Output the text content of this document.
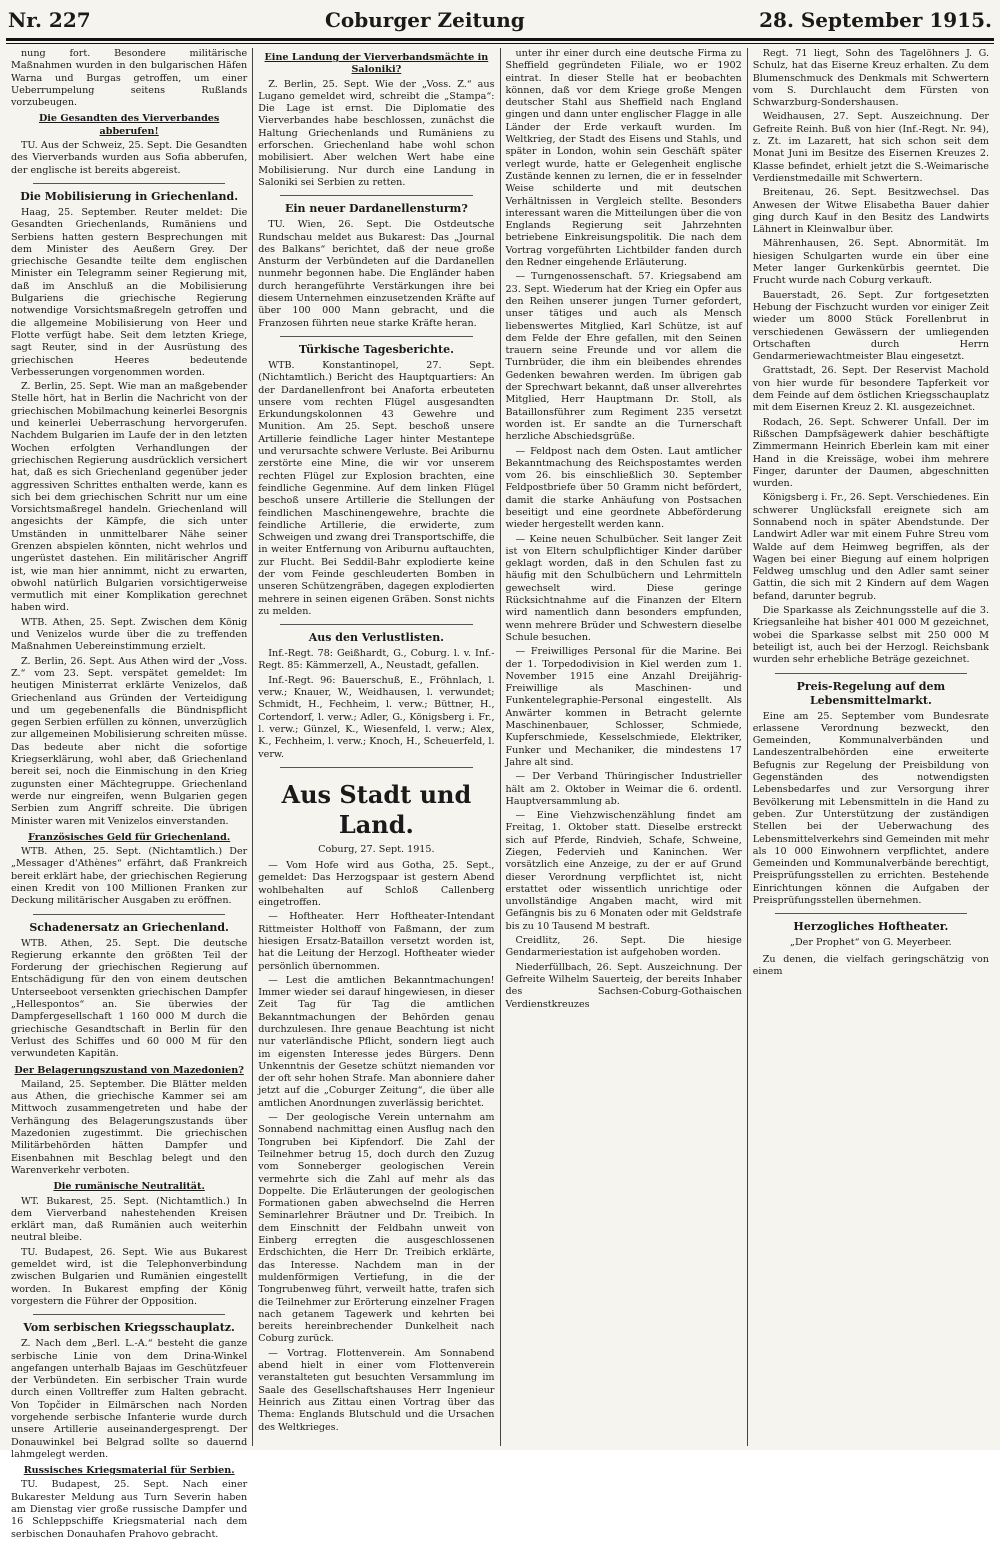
Nr. 227	Coburger Zeitung	28. September 1915.

nung fort. Besondere militärische Maßnahmen wurden in den bulgarischen Häfen Warna und Burgas getroffen, um einer Ueberrumpelung seitens Rußlands vorzubeugen.

Die Gesandten des Vierverbandes abberufen!

TU. Aus der Schweiz, 25. Sept. Die Gesandten des Vierverbands wurden aus Sofia abberufen, der englische ist bereits abgereist.

Die Mobilisierung in Griechenland.

Haag, 25. September. Reuter meldet: Die Gesandten Griechenlands, Rumäniens und Serbiens hatten gestern Besprechungen mit dem Minister des Aeußern Grey. Der griechische Gesandte teilte dem englischen Minister ein Telegramm seiner Regierung mit, daß im Anschluß an die Mobilisierung Bulgariens die griechische Regierung notwendige Vorsichtsmaßregeln getroffen und die allgemeine Mobilisierung von Heer und Flotte verfügt habe. Seit dem letzten Kriege, sagt Reuter, sind in der Ausrüstung des griechischen Heeres bedeutende Verbesserungen vorgenommen worden.

Z. Berlin, 25. Sept. Wie man an maßgebender Stelle hört, hat in Berlin die Nachricht von der griechischen Mobilmachung keinerlei Besorgnis und keinerlei Ueberraschung hervorgerufen. Nachdem Bulgarien im Laufe der in den letzten Wochen erfolgten Verhandlungen der griechischen Regierung ausdrücklich versichert hat, daß es sich Griechenland gegenüber jeder aggressiven Schrittes enthalten werde, kann es sich bei dem griechischen Schritt nur um eine Vorsichtsmaßregel handeln. Griechenland will angesichts der Kämpfe, die sich unter Umständen in unmittelbarer Nähe seiner Grenzen abspielen könnten, nicht wehrlos und ungerüstet dastehen. Ein militärischer Angriff ist, wie man hier annimmt, nicht zu erwarten, obwohl natürlich Bulgarien vorsichtigerweise vermutlich mit einer Komplikation gerechnet haben wird.

WTB. Athen, 25. Sept. Zwischen dem König und Venizelos wurde über die zu treffenden Maßnahmen Uebereinstimmung erzielt.

Z. Berlin, 26. Sept. Aus Athen wird der „Voss. Z.“ vom 23. Sept. verspätet gemeldet: Im heutigen Ministerrat erklärte Venizelos, daß Griechenland aus Gründen der Verteidigung und um gegebenenfalls die Bündnispflicht gegen Serbien erfüllen zu können, unverzüglich zur allgemeinen Mobilisierung schreiten müsse. Das bedeute aber nicht die sofortige Kriegserklärung, wohl aber, daß Griechenland bereit sei, noch die Einmischung in den Krieg zugunsten einer Mächtegruppe. Griechenland werde nur eingreifen, wenn Bulgarien gegen Serbien zum Angriff schreite. Die übrigen Minister waren mit Venizelos einverstanden.

Französisches Geld für Griechenland.

WTB. Athen, 25. Sept. (Nichtamtlich.) Der „Messager d'Athènes“ erfährt, daß Frankreich bereit erklärt habe, der griechischen Regierung einen Kredit von 100 Millionen Franken zur Deckung militärischer Ausgaben zu eröffnen.

Schadenersatz an Griechenland.

WTB. Athen, 25. Sept. Die deutsche Regierung erkannte den größten Teil der Forderung der griechischen Regierung auf Entschädigung für den von einem deutschen Unterseeboot versenkten griechischen Dampfer „Hellespontos“ an. Sie überwies der Dampfergesellschaft 1 160 000 M durch die griechische Gesandtschaft in Berlin für den Verlust des Schiffes und 60 000 M für den verwundeten Kapitän.

Der Belagerungszustand von Mazedonien?

Mailand, 25. September. Die Blätter melden aus Athen, die griechische Kammer sei am Mittwoch zusammengetreten und habe der Verhängung des Belagerungszustands über Mazedonien zugestimmt. Die griechischen Militärbehörden hätten Dampfer und Eisenbahnen mit Beschlag belegt und den Warenverkehr verboten.

Die rumänische Neutralität.

WT. Bukarest, 25. Sept. (Nichtamtlich.) In dem Vierverband nahestehenden Kreisen erklärt man, daß Rumänien auch weiterhin neutral bleibe.

TU. Budapest, 26. Sept. Wie aus Bukarest gemeldet wird, ist die Telephonverbindung zwischen Bulgarien und Rumänien eingestellt worden. In Bukarest empfing der König vorgestern die Führer der Opposition.

Vom serbischen Kriegsschauplatz.

Z. Nach dem „Berl. L.-A.“ besteht die ganze serbische Linie von dem Drina-Winkel angefangen unterhalb Bajaas im Geschützfeuer der Verbündeten. Ein serbischer Train wurde durch einen Volltreffer zum Halten gebracht. Von Topčider in Eilmärschen nach Norden vorgehende serbische Infanterie wurde durch unsere Artillerie auseinandergesprengt. Der Donauwinkel bei Belgrad sollte so dauernd lahmgelegt werden.

Russisches Kriegsmaterial für Serbien.

TU. Budapest, 25. Sept. Nach einer Bukarester Meldung aus Turn Severin haben am Dienstag vier große russische Dampfer und 16 Schleppschiffe Kriegsmaterial nach dem serbischen Donauhafen Prahovo gebracht.

Eine Landung der Vierverbandsmächte in Saloniki?

Z. Berlin, 25. Sept. Wie der „Voss. Z.“ aus Lugano gemeldet wird, schreibt die „Stampa“: Die Lage ist ernst. Die Diplomatie des Vierverbandes habe beschlossen, zunächst die Haltung Griechenlands und Rumäniens zu erforschen. Griechenland habe wohl schon mobilisiert. Aber welchen Wert habe eine Mobilisierung. Nur durch eine Landung in Saloniki sei Serbien zu retten.

Ein neuer Dardanellensturm?

TU. Wien, 26. Sept. Die Ostdeutsche Rundschau meldet aus Bukarest: Das „Journal des Balkans“ berichtet, daß der neue große Ansturm der Verbündeten auf die Dardanellen nunmehr begonnen habe. Die Engländer haben durch herangeführte Verstärkungen ihre bei diesem Unternehmen einzusetzenden Kräfte auf über 100 000 Mann gebracht, und die Franzosen führten neue starke Kräfte heran.

Türkische Tagesberichte.

WTB. Konstantinopel, 27. Sept. (Nichtamtlich.) Bericht des Hauptquartiers: An der Dardanellenfront bei Anaforta erbeuteten unsere vom rechten Flügel ausgesandten Erkundungskolonnen 43 Gewehre und Munition. Am 25. Sept. beschoß unsere Artillerie feindliche Lager hinter Mestantepe und verursachte schwere Verluste. Bei Ariburnu zerstörte eine Mine, die wir vor unserem rechten Flügel zur Explosion brachten, eine feindliche Gegenmine. Auf dem linken Flügel beschoß unsere Artillerie die Stellungen der feindlichen Maschinengewehre, brachte die feindliche Artillerie, die erwiderte, zum Schweigen und zwang drei Transportschiffe, die in weiter Entfernung von Ariburnu auftauchten, zur Flucht. Bei Seddil-Bahr explodierte keine der vom Feinde geschleuderten Bomben in unseren Schützengräben, dagegen explodierten mehrere in seinen eigenen Gräben. Sonst nichts zu melden.

Aus den Verlustlisten.

Inf.-Regt. 78: Geißhardt, G., Coburg. l. v. Inf.-Regt. 85: Kämmerzell, A., Neustadt, gefallen.

Inf.-Regt. 96: Bauerschuß, E., Fröhnlach, l. verw.; Knauer, W., Weidhausen, l. verwundet; Schmidt, H., Fechheim, l. verw.; Büttner, H., Cortendorf, l. verw.; Adler, G., Königsberg i. Fr., l. verw.; Günzel, K., Wiesenfeld, l. verw.; Alex, K., Fechheim, l. verw.; Knoch, H., Scheuerfeld, l. verw.

Aus Stadt und Land.
Coburg, 27. Sept. 1915.

— Vom Hofe wird aus Gotha, 25. Sept., gemeldet: Das Herzogspaar ist gestern Abend wohlbehalten auf Schloß Callenberg eingetroffen.

— Hoftheater. Herr Hoftheater-Intendant Rittmeister Holthoff von Faßmann, der zum hiesigen Ersatz-Bataillon versetzt worden ist, hat die Leitung der Herzogl. Hoftheater wieder persönlich übernommen.

— Lest die amtlichen Bekanntmachungen! Immer wieder sei darauf hingewiesen, in dieser Zeit Tag für Tag die amtlichen Bekanntmachungen der Behörden genau durchzulesen. Ihre genaue Beachtung ist nicht nur vaterländische Pflicht, sondern liegt auch im eigensten Interesse jedes Bürgers. Denn Unkenntnis der Gesetze schützt niemanden vor der oft sehr hohen Strafe. Man abonniere daher jetzt auf die „Coburger Zeitung“, die über alle amtlichen Anordnungen zuverlässig berichtet.

— Der geologische Verein unternahm am Sonnabend nachmittag einen Ausflug nach den Tongruben bei Kipfendorf. Die Zahl der Teilnehmer betrug 15, doch durch den Zuzug vom Sonneberger geologischen Verein vermehrte sich die Zahl auf mehr als das Doppelte. Die Erläuterungen der geologischen Formationen gaben abwechselnd die Herren Seminarlehrer Bräutner und Dr. Treibich. In dem Einschnitt der Feldbahn unweit von Einberg erregten die ausgeschlossenen Erdschichten, die Herr Dr. Treibich erklärte, das Interesse. Nachdem man in der muldenförmigen Vertiefung, in die der Tongrubenweg führt, verweilt hatte, trafen sich die Teilnehmer zur Erörterung einzelner Fragen nach getanem Tagewerk und kehrten bei bereits hereinbrechender Dunkelheit nach Coburg zurück.

— Vortrag. Flottenverein. Am Sonnabend abend hielt in einer vom Flottenverein veranstalteten gut besuchten Versammlung im Saale des Gesellschaftshauses Herr Ingenieur Heinrich aus Zittau einen Vortrag über das Thema: Englands Blutschuld und die Ursachen des Weltkrieges.

unter ihr einer durch eine deutsche Firma zu Sheffield gegründeten Filiale, wo er 1902 eintrat. In dieser Stelle hat er beobachten können, daß vor dem Kriege große Mengen deutscher Stahl aus Sheffield nach England gingen und dann unter englischer Flagge in alle Länder der Erde verkauft wurden. Im Weltkrieg, der Stadt des Eisens und Stahls, und später in London, wohin sein Geschäft später verlegt wurde, hatte er Gelegenheit englische Zustände kennen zu lernen, die er in fesselnder Weise schilderte und mit deutschen Verhältnissen in Vergleich stellte. Besonders interessant waren die Mitteilungen über die von Englands Regierung seit Jahrzehnten betriebene Einkreisungspolitik. Die nach dem Vortrag vorgeführten Lichtbilder fanden durch den Redner eingehende Erläuterung.

— Turngenossenschaft. 57. Kriegsabend am 23. Sept. Wiederum hat der Krieg ein Opfer aus den Reihen unserer jungen Turner gefordert, unser tätiges und auch als Mensch liebenswertes Mitglied, Karl Schütze, ist auf dem Felde der Ehre gefallen, mit den Seinen trauern seine Freunde und vor allem die Turnbrüder, die ihm ein bleibendes ehrendes Gedenken bewahren werden. Im übrigen gab der Sprechwart bekannt, daß unser allverehrtes Mitglied, Herr Hauptmann Dr. Stoll, als Bataillonsführer zum Regiment 235 versetzt worden ist. Er sandte an die Turnerschaft herzliche Abschiedsgrüße.

— Feldpost nach dem Osten. Laut amtlicher Bekanntmachung des Reichspostamtes werden vom 26. bis einschließlich 30. September Feldpostbriefe über 50 Gramm nicht befördert, damit die starke Anhäufung von Postsachen beseitigt und eine geordnete Abbeförderung wieder hergestellt werden kann.

— Keine neuen Schulbücher. Seit langer Zeit ist von Eltern schulpflichtiger Kinder darüber geklagt worden, daß in den Schulen fast zu häufig mit den Schulbüchern und Lehrmitteln gewechselt wird. Diese geringe Rücksichtnahme auf die Finanzen der Eltern wird namentlich dann besonders empfunden, wenn mehrere Brüder und Schwestern dieselbe Schule besuchen.

— Freiwilliges Personal für die Marine. Bei der 1. Torpedodivision in Kiel werden zum 1. November 1915 eine Anzahl Dreijährig-Freiwillige als Maschinen- und Funkentelegraphie-Personal eingestellt. Als Anwärter kommen in Betracht gelernte Maschinenbauer, Schlosser, Schmiede, Kupferschmiede, Kesselschmiede, Elektriker, Funker und Mechaniker, die mindestens 17 Jahre alt sind.

— Der Verband Thüringischer Industrieller hält am 2. Oktober in Weimar die 6. ordentl. Hauptversammlung ab.

— Eine Viehzwischenzählung findet am Freitag, 1. Oktober statt. Dieselbe erstreckt sich auf Pferde, Rindvieh, Schafe, Schweine, Ziegen, Federvieh und Kaninchen. Wer vorsätzlich eine Anzeige, zu der er auf Grund dieser Verordnung verpflichtet ist, nicht erstattet oder wissentlich unrichtige oder unvollständige Angaben macht, wird mit Gefängnis bis zu 6 Monaten oder mit Geldstrafe bis zu 10 Tausend M bestraft.

Creidlitz, 26. Sept. Die hiesige Gendarmeriestation ist aufgehoben worden.

Niederfüllbach, 26. Sept. Auszeichnung. Der Gefreite Wilhelm Sauerteig, der bereits Inhaber des Sachsen-Coburg-Gothaischen Verdienstkreuzes

Regt. 71 liegt, Sohn des Tagelöhners J. G. Schulz, hat das Eiserne Kreuz erhalten. Zu dem Blumenschmuck des Denkmals mit Schwertern vom S. Durchlaucht dem Fürsten von Schwarzburg-Sondershausen.

Weidhausen, 27. Sept. Auszeichnung. Der Gefreite Reinh. Buß von hier (Inf.-Regt. Nr. 94), z. Zt. im Lazarett, hat sich schon seit dem Monat Juni im Besitze des Eisernen Kreuzes 2. Klasse befindet, erhielt jetzt die S.-Weimarische Verdienstmedaille mit Schwertern.

Breitenau, 26. Sept. Besitzwechsel. Das Anwesen der Witwe Elisabetha Bauer dahier ging durch Kauf in den Besitz des Landwirts Lähnert in Kleinwalbur über.

Mährenhausen, 26. Sept. Abnormität. Im hiesigen Schulgarten wurde ein über eine Meter langer Gurkenkürbis geerntet. Die Frucht wurde nach Coburg verkauft.

Bauerstadt, 26. Sept. Zur fortgesetzten Hebung der Fischzucht wurden vor einiger Zeit wieder um 8000 Stück Forellenbrut in verschiedenen Gewässern der umliegenden Ortschaften durch Herrn Gendarmeriewachtmeister Blau eingesetzt.

Grattstadt, 26. Sept. Der Reservist Machold von hier wurde für besondere Tapferkeit vor dem Feinde auf dem östlichen Kriegsschauplatz mit dem Eisernen Kreuz 2. Kl. ausgezeichnet.

Rodach, 26. Sept. Schwerer Unfall. Der im Rißschen Dampfsägewerk dahier beschäftigte Zimmermann Heinrich Eberlein kam mit einer Hand in die Kreissäge, wobei ihm mehrere Finger, darunter der Daumen, abgeschnitten wurden.

Königsberg i. Fr., 26. Sept. Verschiedenes. Ein schwerer Unglücksfall ereignete sich am Sonnabend noch in später Abendstunde. Der Landwirt Adler war mit einem Fuhre Streu vom Walde auf dem Heimweg begriffen, als der Wagen bei einer Biegung auf einem holprigen Feldweg umschlug und den Adler samt seiner Gattin, die sich mit 2 Kindern auf dem Wagen befand, darunter begrub.

Die Sparkasse als Zeichnungsstelle auf die 3. Kriegsanleihe hat bisher 401 000 M gezeichnet, wobei die Sparkasse selbst mit 250 000 M beteiligt ist, auch bei der Herzogl. Reichsbank wurden sehr erhebliche Beträge gezeichnet.

Preis-Regelung auf dem Lebensmittelmarkt.

Eine am 25. September vom Bundesrate erlassene Verordnung bezweckt, den Gemeinden, Kommunalverbänden und Landeszentralbehörden eine erweiterte Befugnis zur Regelung der Preisbildung von Gegenständen des notwendigsten Lebensbedarfes und zur Versorgung ihrer Bevölkerung mit Lebensmitteln in die Hand zu geben. Zur Unterstützung der zuständigen Stellen bei der Ueberwachung des Lebensmittelverkehrs sind Gemeinden mit mehr als 10 000 Einwohnern verpflichtet, andere Gemeinden und Kommunalverbände berechtigt, Preisprüfungsstellen zu errichten. Bestehende Einrichtungen können die Aufgaben der Preisprüfungsstellen übernehmen.

Herzogliches Hoftheater.
„Der Prophet“ von G. Meyerbeer.

Zu denen, die vielfach geringschätzig von einem
